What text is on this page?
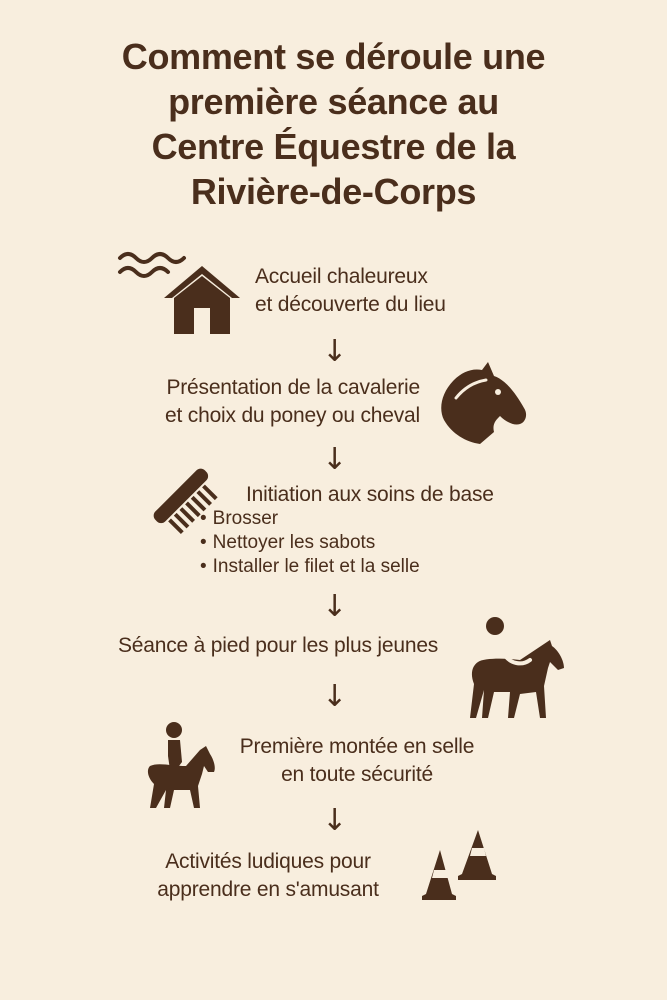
Comment se déroule une
première séance au
Centre Équestre de la
Rivière-de-Corps
Accueil chaleureux
et découverte du lieu
↓
Présentation de la cavalerie
et choix du poney ou cheval
↓
Initiation aux soins de base
• Brosser
• Nettoyer les sabots
• Installer le filet et la selle
↓
Séance à pied pour les plus jeunes
↓
Première montée en selle
en toute sécurité
↓
Activités ludiques pour
apprendre en s'amusant
